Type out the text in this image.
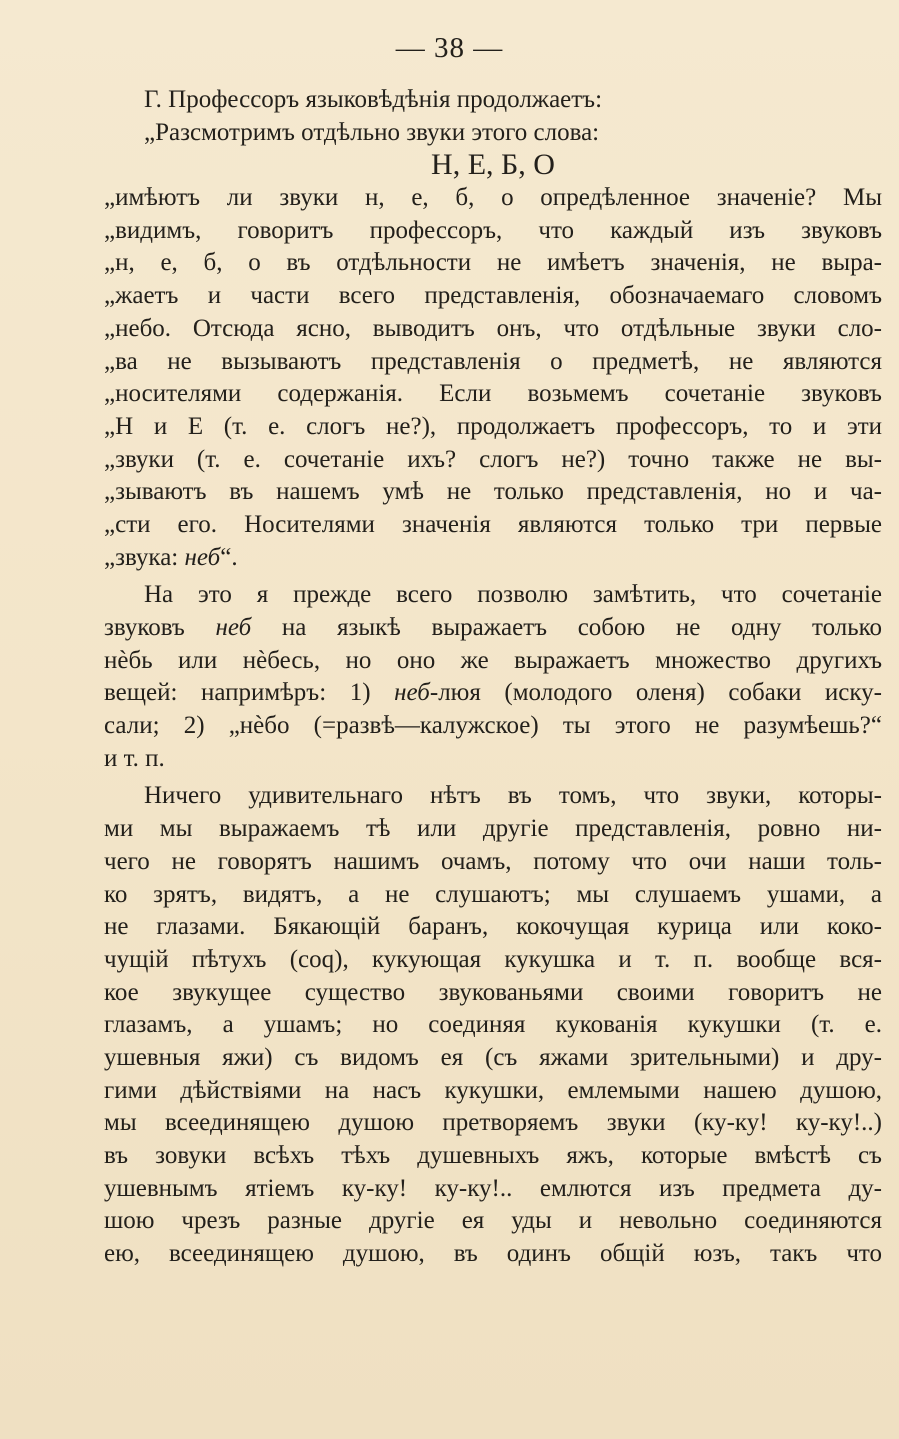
— 38 —
Г. Профессоръ языковѣдѣнія продолжаетъ:
„Разсмотримъ отдѣльно звуки этого слова:
Н, Е, Б, О
„имѣютъ ли звуки н, е, б, о опредѣленное значеніе? Мы
„видимъ, говоритъ профессоръ, что каждый изъ звуковъ
„н, е, б, о въ отдѣльности не имѣетъ значенія, не выра-
„жаетъ и части всего представленія, обозначаемаго словомъ
„небо. Отсюда ясно, выводитъ онъ, что отдѣльные звуки сло-
„ва не вызываютъ представленія о предметѣ, не являются
„носителями содержанія. Если возьмемъ сочетаніе звуковъ
„Н и Е (т. е. слогъ не?), продолжаетъ профессоръ, то и эти
„звуки (т. е. сочетаніе ихъ? слогъ не?) точно также не вы-
„зываютъ въ нашемъ умѣ не только представленія, но и ча-
„сти его. Носителями значенія являются только три первые
„звука: неб“.
На это я прежде всего позволю замѣтить, что сочетаніе
звуковъ неб на языкѣ выражаетъ собою не одну только
нѐбь или нѐбесь, но оно же выражаетъ множество другихъ
вещей: напримѣръ: 1) неб-люя (молодого оленя) собаки иску-
сали; 2) „нѐбо (=развѣ—калужское) ты этого не разумѣешь?“
и т. п.
Ничего удивительнаго нѣтъ въ томъ, что звуки, которы-
ми мы выражаемъ тѣ или другіе представленія, ровно ни-
чего не говорятъ нашимъ очамъ, потому что очи наши толь-
ко зрятъ, видятъ, а не слушаютъ; мы слушаемъ ушами, а
не глазами. Бякающій баранъ, кокочущая курица или коко-
чущій пѣтухъ (coq), кукующая кукушка и т. п. вообще вся-
кое звукущее существо звукованьями своими говоритъ не
глазамъ, а ушамъ; но соединяя кукованія кукушки (т. е.
ушевныя яжи) съ видомъ ея (съ яжами зрительными) и дру-
гими дѣйствіями на насъ кукушки, емлемыми нашею душою,
мы всеединящею душою претворяемъ звуки (ку-ку! ку-ку!..)
въ зовуки всѣхъ тѣхъ душевныхъ яжъ, которые вмѣстѣ съ
ушевнымъ ятіемъ ку-ку! ку-ку!.. емлются изъ предмета ду-
шою чрезъ разные другіе ея уды и невольно соединяются
ею, всеединящею душою, въ одинъ общій юзъ, такъ что
